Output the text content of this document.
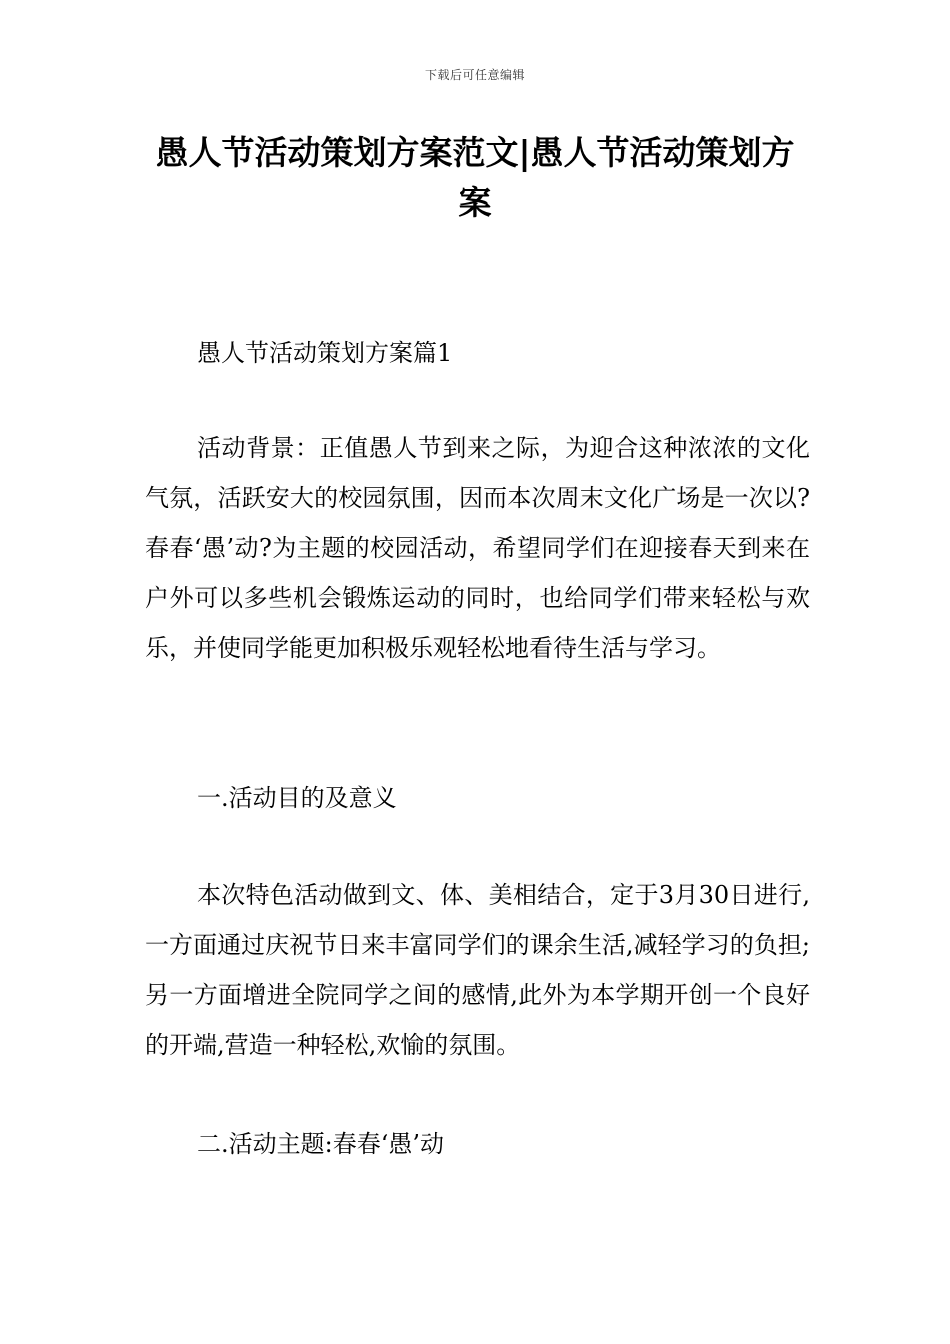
下载后可任意编辑
愚人节活动策划方案范文|愚人节活动策划方案

愚人节活动策划方案篇1

活动背景：正值愚人节到来之际，为迎合这种浓浓的文化气氛，活跃安大的校园氛围，因而本次周末文化广场是一次以?春春‘愚’动?为主题的校园活动，希望同学们在迎接春天到来在户外可以多些机会锻炼运动的同时，也给同学们带来轻松与欢乐，并使同学能更加积极乐观轻松地看待生活与学习。

一.活动目的及意义

本次特色活动做到文、体、美相结合，定于3月30日进行,一方面通过庆祝节日来丰富同学们的课余生活,减轻学习的负担;另一方面增进全院同学之间的感情,此外为本学期开创一个良好的开端,营造一种轻松,欢愉的氛围。

二.活动主题:春春‘愚’动
